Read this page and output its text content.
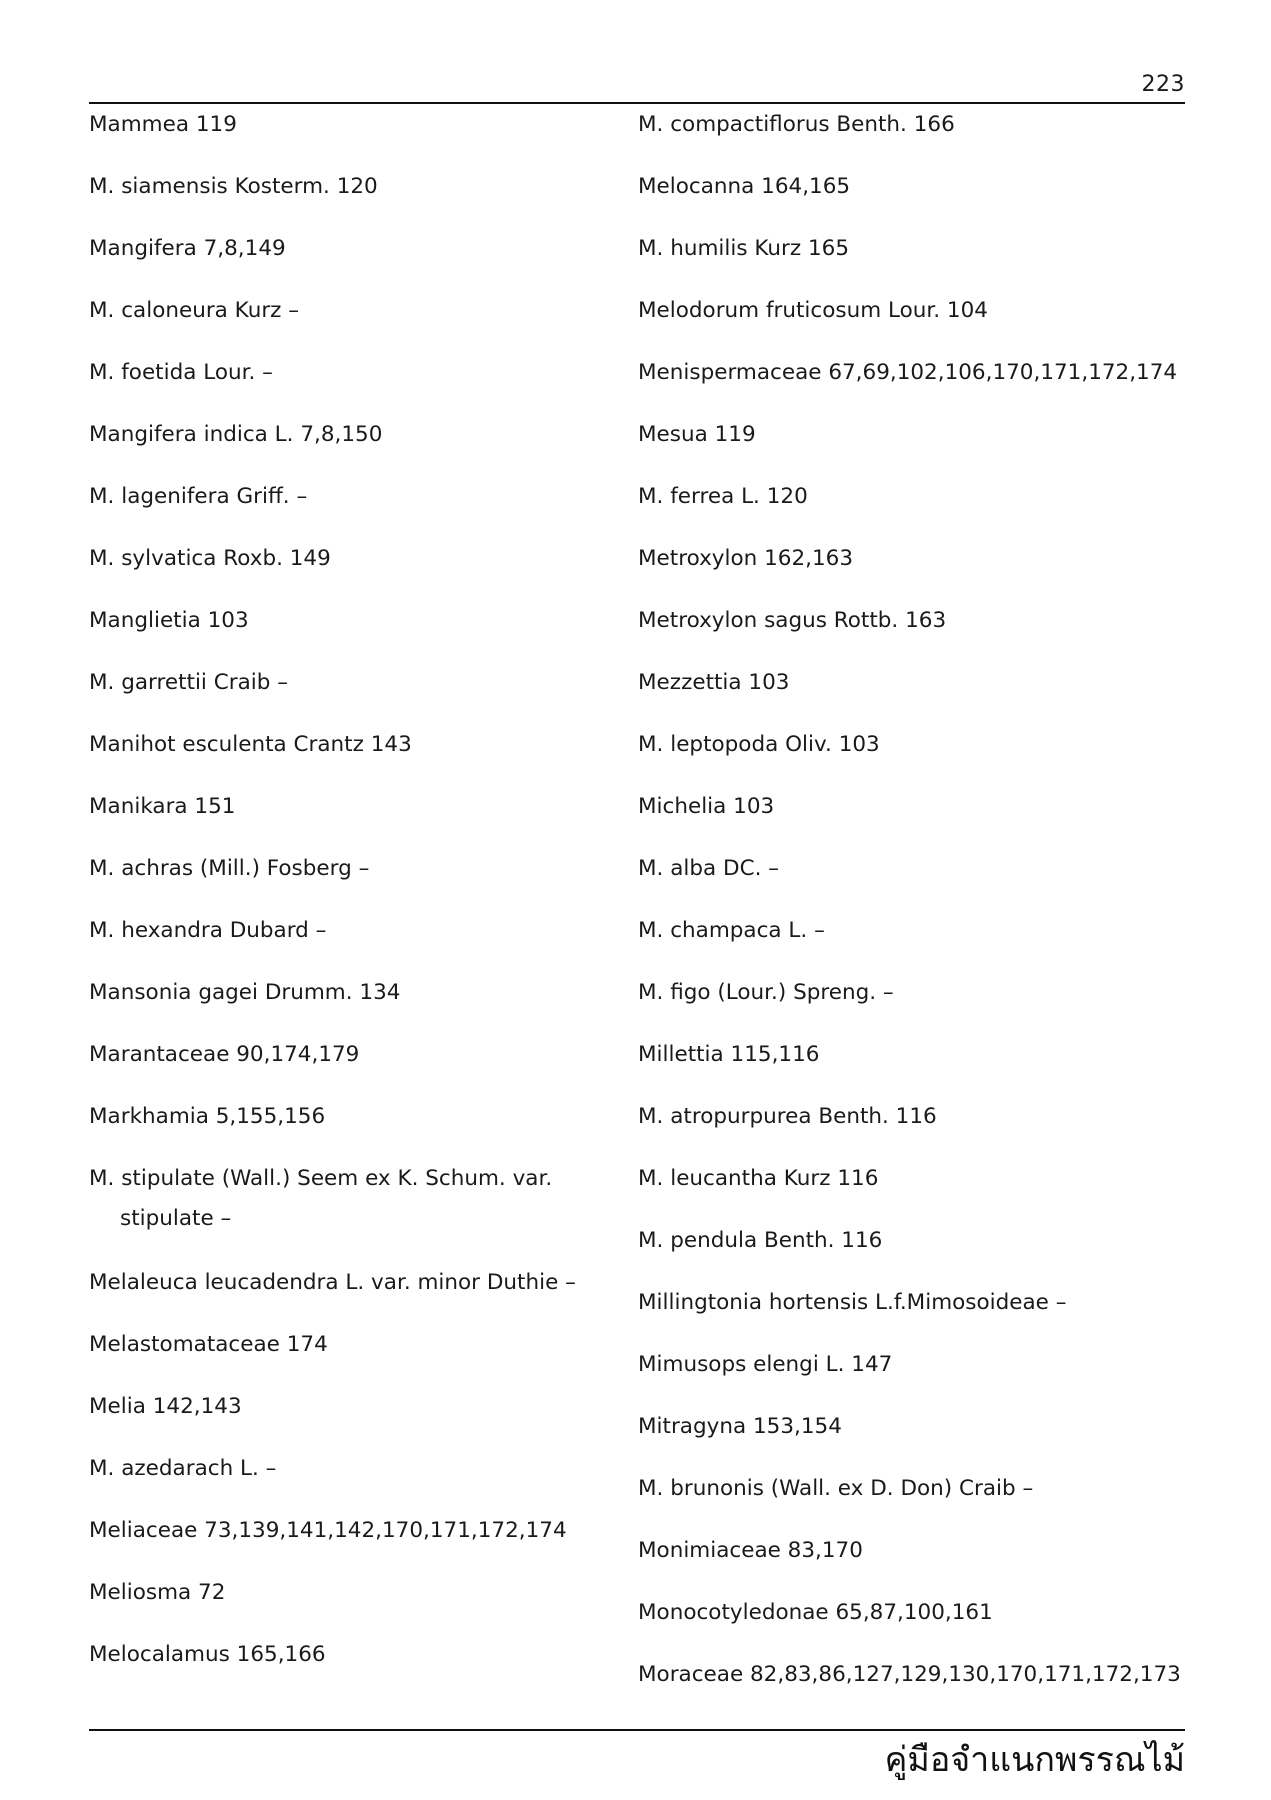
223
Mammea 119
M. siamensis Kosterm. 120
Mangifera 7,8,149
M. caloneura Kurz –
M. foetida Lour. –
Mangifera indica L. 7,8,150
M. lagenifera Griff. –
M. sylvatica Roxb. 149
Manglietia 103
M. garrettii Craib –
Manihot esculenta Crantz 143
Manikara 151
M. achras (Mill.) Fosberg –
M. hexandra Dubard –
Mansonia gagei Drumm. 134
Marantaceae 90,174,179
Markhamia 5,155,156
M. stipulate (Wall.) Seem ex K. Schum. var.
stipulate –
Melaleuca leucadendra L. var. minor Duthie –
Melastomataceae 174
Melia 142,143
M. azedarach L. –
Meliaceae 73,139,141,142,170,171,172,174
Meliosma 72
Melocalamus 165,166
M. compactiflorus Benth. 166
Melocanna 164,165
M. humilis Kurz 165
Melodorum fruticosum Lour. 104
Menispermaceae 67,69,102,106,170,171,172,174
Mesua 119
M. ferrea L. 120
Metroxylon 162,163
Metroxylon sagus Rottb. 163
Mezzettia 103
M. leptopoda Oliv. 103
Michelia 103
M. alba DC. –
M. champaca L. –
M. figo (Lour.) Spreng. –
Millettia 115,116
M. atropurpurea Benth. 116
M. leucantha Kurz 116
M. pendula Benth. 116
Millingtonia hortensis L.f.Mimosoideae –
Mimusops elengi L. 147
Mitragyna 153,154
M. brunonis (Wall. ex D. Don) Craib –
Monimiaceae 83,170
Monocotyledonae 65,87,100,161
Moraceae 82,83,86,127,129,130,170,171,172,173
คู่มือจำแนกพรรณไม้
